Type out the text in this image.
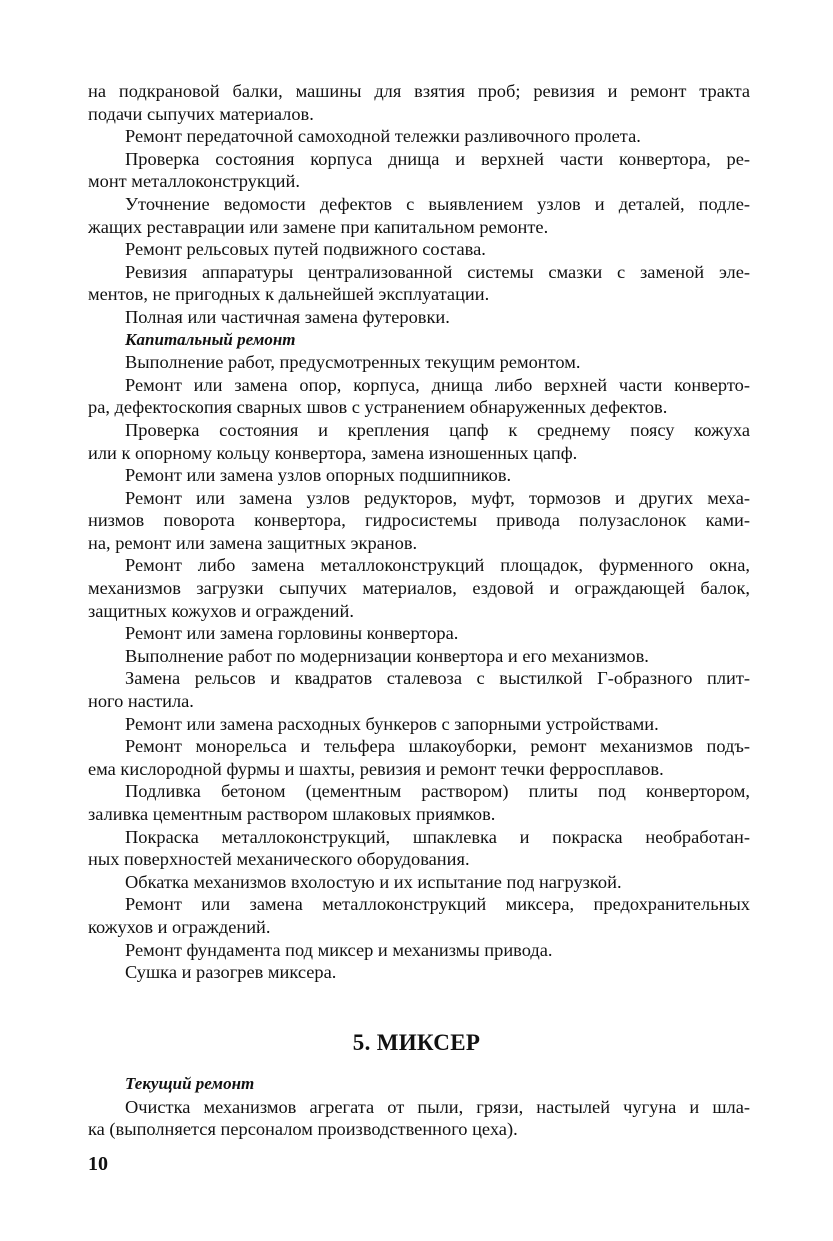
на подкрановой балки, машины для взятия проб; ревизия и ремонт тракта
подачи сыпучих материалов.
Ремонт передаточной самоходной тележки разливочного пролета.
Проверка состояния корпуса днища и верхней части конвертора, ре-
монт металлоконструкций.
Уточнение ведомости дефектов с выявлением узлов и деталей, подле-
жащих реставрации или замене при капитальном ремонте.
Ремонт рельсовых путей подвижного состава.
Ревизия аппаратуры централизованной системы смазки с заменой эле-
ментов, не пригодных к дальнейшей эксплуатации.
Полная или частичная замена футеровки.
Капитальный ремонт
Выполнение работ, предусмотренных текущим ремонтом.
Ремонт или замена опор, корпуса, днища либо верхней части конверто-
ра, дефектоскопия сварных швов с устранением обнаруженных дефектов.
Проверка состояния и крепления цапф к среднему поясу кожуха
или к опорному кольцу конвертора, замена изношенных цапф.
Ремонт или замена узлов опорных подшипников.
Ремонт или замена узлов редукторов, муфт, тормозов и других меха-
низмов поворота конвертора, гидросистемы привода полузаслонок ками-
на, ремонт или замена защитных экранов.
Ремонт либо замена металлоконструкций площадок, фурменного окна,
механизмов загрузки сыпучих материалов, ездовой и ограждающей балок,
защитных кожухов и ограждений.
Ремонт или замена горловины конвертора.
Выполнение работ по модернизации конвертора и его механизмов.
Замена рельсов и квадратов сталевоза с выстилкой Г-образного плит-
ного настила.
Ремонт или замена расходных бункеров с запорными устройствами.
Ремонт монорельса и тельфера шлакоуборки, ремонт механизмов подъ-
ема кислородной фурмы и шахты, ревизия и ремонт течки ферросплавов.
Подливка бетоном (цементным раствором) плиты под конвертором,
заливка цементным раствором шлаковых приямков.
Покраска металлоконструкций, шпаклевка и покраска необработан-
ных поверхностей механического оборудования.
Обкатка механизмов вхолостую и их испытание под нагрузкой.
Ремонт или замена металлоконструкций миксера, предохранительных
кожухов и ограждений.
Ремонт фундамента под миксер и механизмы привода.
Сушка и разогрев миксера.
5. МИКСЕР
Текущий ремонт
Очистка механизмов агрегата от пыли, грязи, настылей чугуна и шла-
ка (выполняется персоналом производственного цеха).
10
